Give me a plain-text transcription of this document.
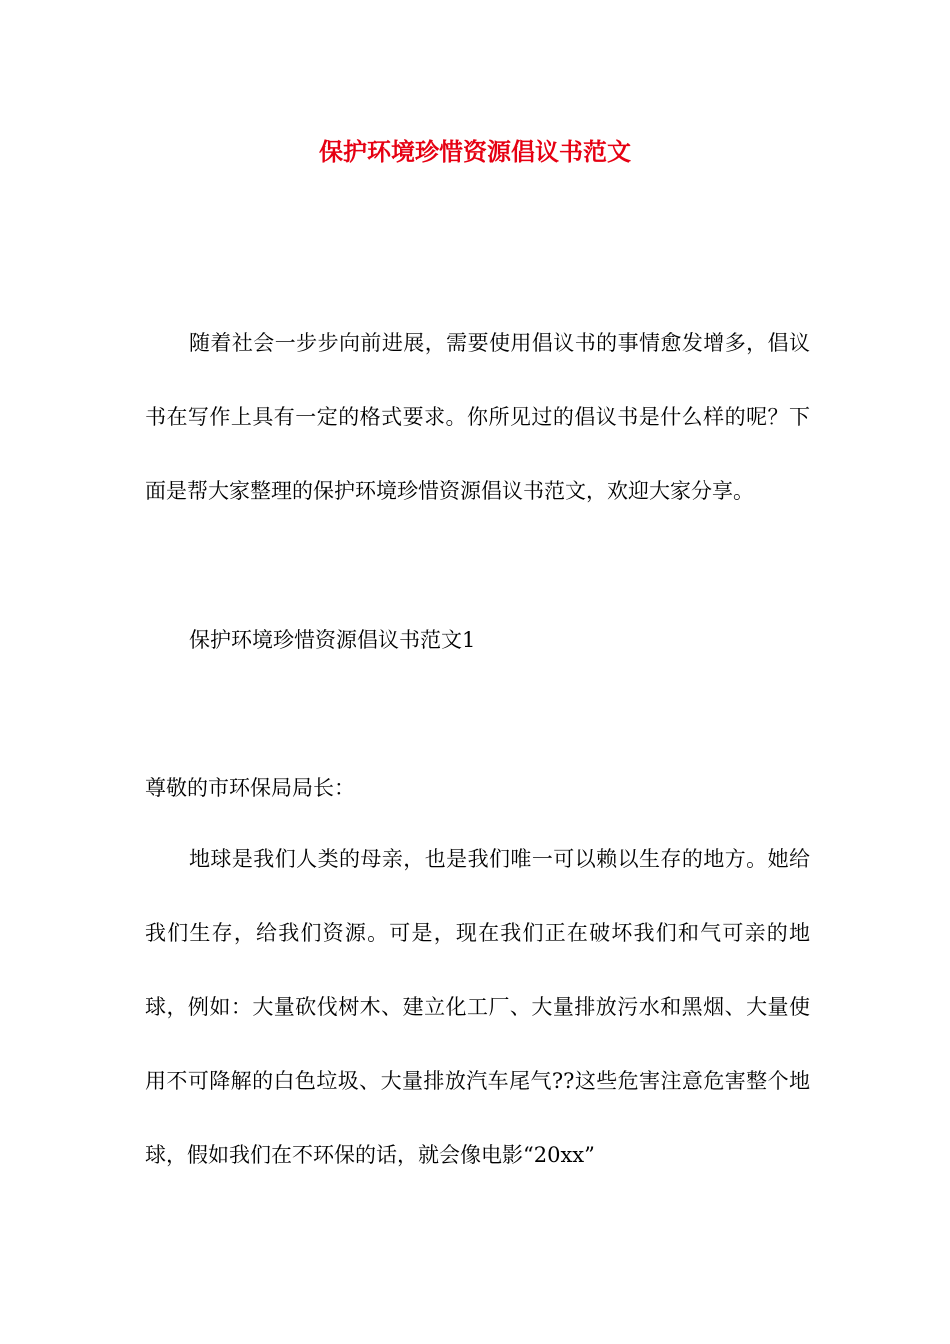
保护环境珍惜资源倡议书范文

随着社会一步步向前进展，需要使用倡议书的事情愈发增多，倡议书在写作上具有一定的格式要求。你所见过的倡议书是什么样的呢？下面是帮大家整理的保护环境珍惜资源倡议书范文，欢迎大家分享。

保护环境珍惜资源倡议书范文1

尊敬的市环保局局长：

地球是我们人类的母亲，也是我们唯一可以赖以生存的地方。她给我们生存，给我们资源。可是，现在我们正在破坏我们和气可亲的地球，例如：大量砍伐树木、建立化工厂、大量排放污水和黑烟、大量使用不可降解的白色垃圾、大量排放汽车尾气??这些危害注意危害整个地球，假如我们在不环保的话，就会像电影“20xx”
